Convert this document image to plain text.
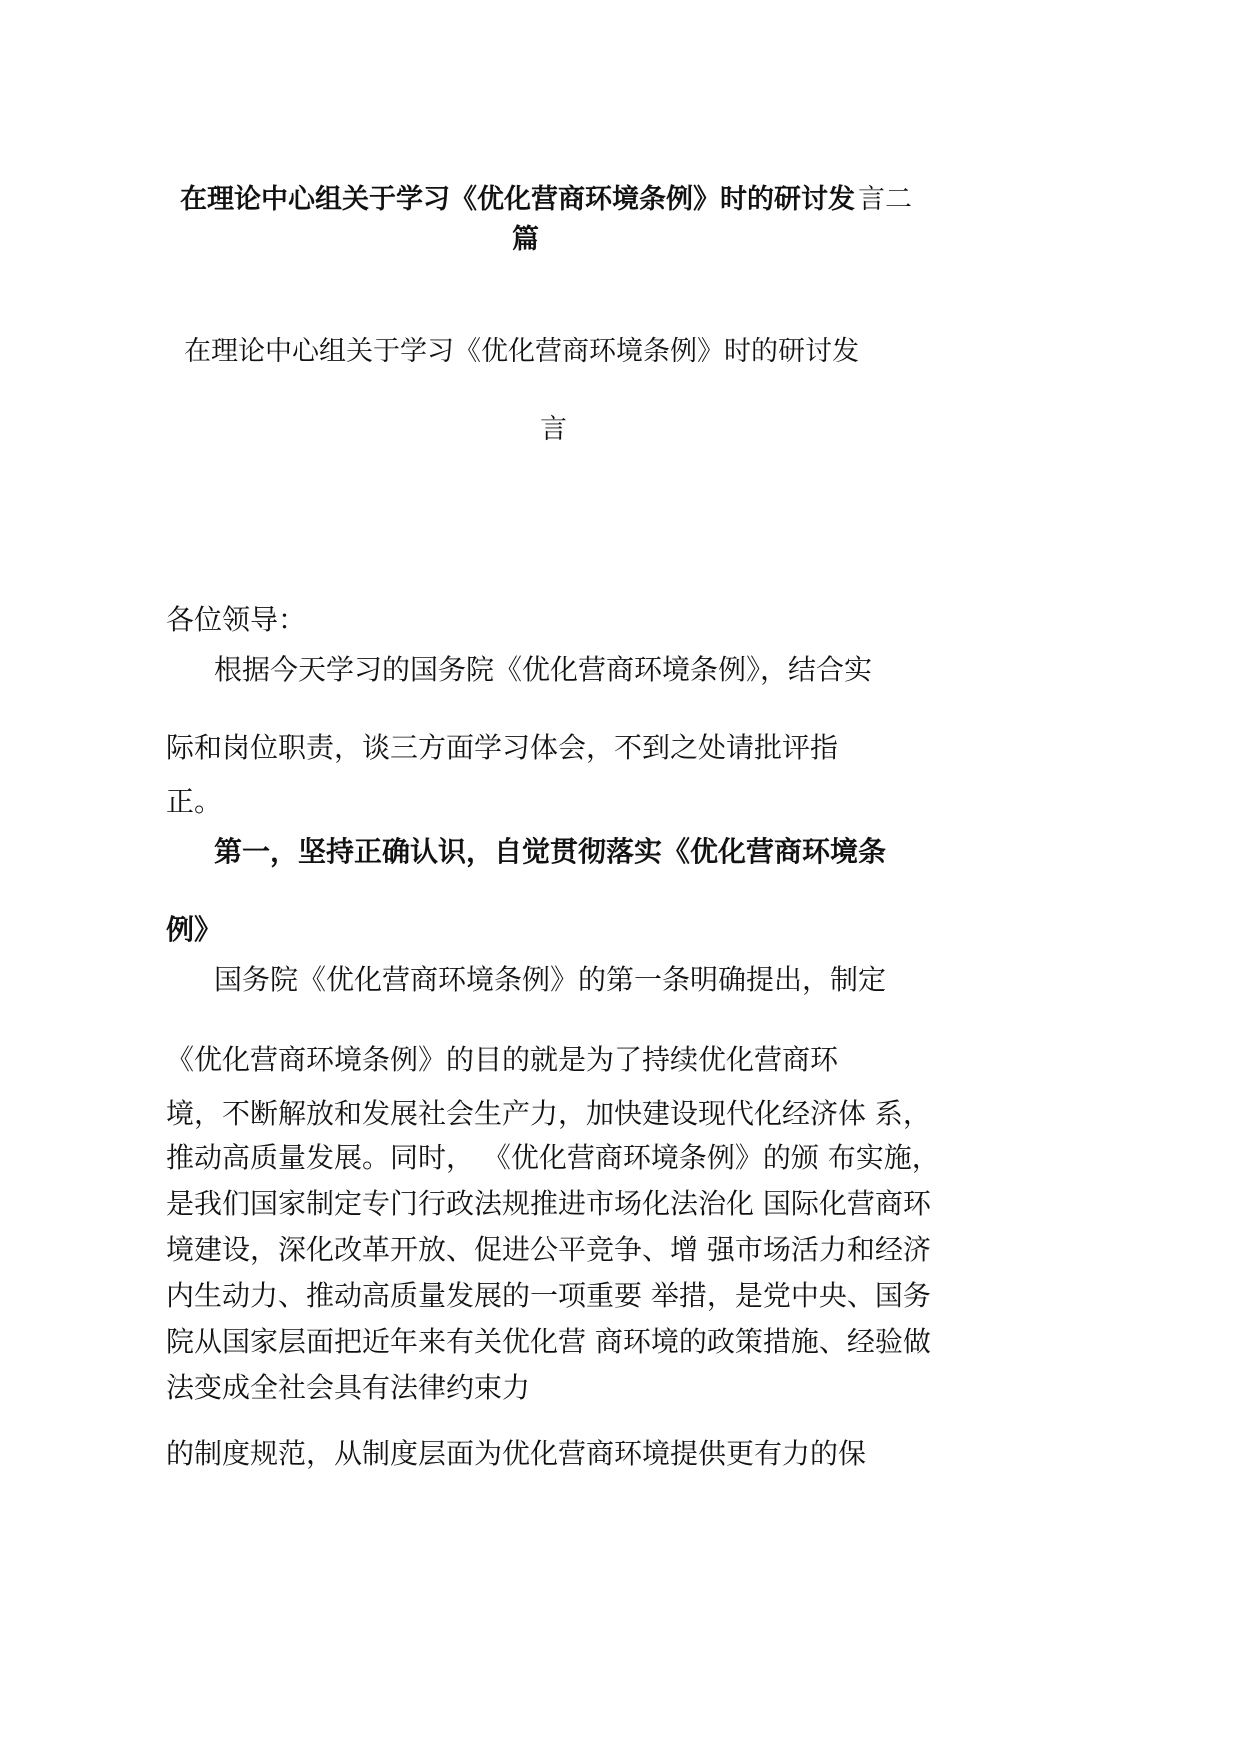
在理论中心组关于学习《优化营商环境条例》时的研讨发 言二
篇
在理论中心组关于学习《优化营商环境条例》时的研讨发
言
各位领导：
根据今天学习的国务院《优化营商环境条例》，结合实
际和岗位职责，谈三方面学习体会，不到之处请批评指
正。
第一，坚持正确认识，自觉贯彻落实《优化营商环境条
例》
国务院《优化营商环境条例》的第一条明确提出，制定
《优化营商环境条例》的目的就是为了持续优化营商环
境，不断解放和发展社会生产力，加快建设现代化经济体 系，
推动高质量发展。同时， 《优化营商环境条例》的颁 布实施，
是我们国家制定专门行政法规推进市场化法治化 国际化营商环
境建设，深化改革开放、促进公平竞争、增 强市场活力和经济
内生动力、推动高质量发展的一项重要 举措，是党中央、国务
院从国家层面把近年来有关优化营 商环境的政策措施、经验做
法变成全社会具有法律约束力
的制度规范，从制度层面为优化营商环境提供更有力的保
